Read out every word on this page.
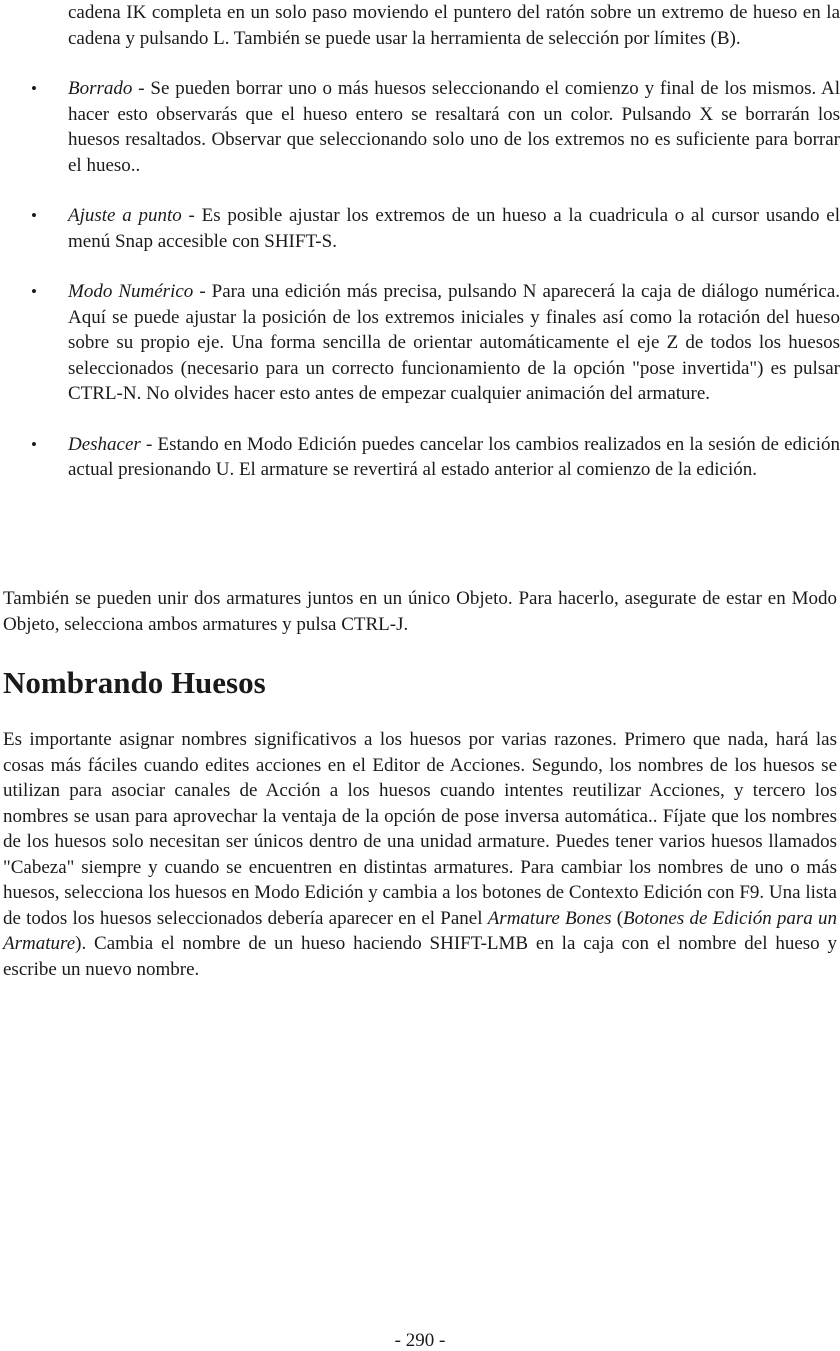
cadena IK completa en un solo paso moviendo el puntero del ratón sobre un extremo de hueso en la cadena y pulsando L. También se puede usar la herramienta de selección por límites (B).
• Borrado - Se pueden borrar uno o más huesos seleccionando el comienzo y final de los mismos. Al hacer esto observarás que el hueso entero se resaltará con un color. Pulsando X se borrarán los huesos resaltados. Observar que seleccionando solo uno de los extremos no es suficiente para borrar el hueso..
• Ajuste a punto - Es posible ajustar los extremos de un hueso a la cuadricula o al cursor usando el menú Snap accesible con SHIFT-S.
• Modo Numérico - Para una edición más precisa, pulsando N aparecerá la caja de diálogo numérica. Aquí se puede ajustar la posición de los extremos iniciales y finales así como la rotación del hueso sobre su propio eje. Una forma sencilla de orientar automáticamente el eje Z de todos los huesos seleccionados (necesario para un correcto funcionamiento de la opción "pose invertida") es pulsar CTRL-N. No olvides hacer esto antes de empezar cualquier animación del armature.
• Deshacer - Estando en Modo Edición puedes cancelar los cambios realizados en la sesión de edición actual presionando U. El armature se revertirá al estado anterior al comienzo de la edición.

También se pueden unir dos armatures juntos en un único Objeto. Para hacerlo, asegurate de estar en Modo Objeto, selecciona ambos armatures y pulsa CTRL-J.

Nombrando Huesos

Es importante asignar nombres significativos a los huesos por varias razones. Primero que nada, hará las cosas más fáciles cuando edites acciones en el Editor de Acciones. Segundo, los nombres de los huesos se utilizan para asociar canales de Acción a los huesos cuando intentes reutilizar Acciones, y tercero los nombres se usan para aprovechar la ventaja de la opción de pose inversa automática.. Fíjate que los nombres de los huesos solo necesitan ser únicos dentro de una unidad armature. Puedes tener varios huesos llamados "Cabeza" siempre y cuando se encuentren en distintas armatures. Para cambiar los nombres de uno o más huesos, selecciona los huesos en Modo Edición y cambia a los botones de Contexto Edición con F9. Una lista de todos los huesos seleccionados debería aparecer en el Panel Armature Bones (Botones de Edición para un Armature). Cambia el nombre de un hueso haciendo SHIFT-LMB en la caja con el nombre del hueso y escribe un nuevo nombre.

- 290 -
